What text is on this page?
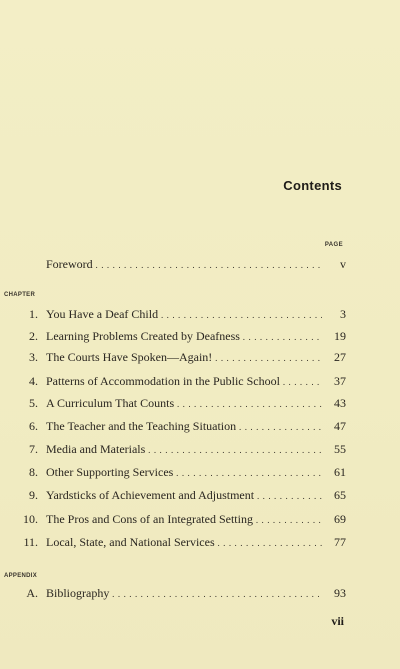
Contents
PAGE
Foreword . . .	v
CHAPTER
1. You Have a Deaf Child . . .	3
2. Learning Problems Created by Deafness . . .	19
3. The Courts Have Spoken—Again! . . .	27
4. Patterns of Accommodation in the Public School . . .	37
5. A Curriculum That Counts . . .	43
6. The Teacher and the Teaching Situation . . .	47
7. Media and Materials . . .	55
8. Other Supporting Services . . .	61
9. Yardsticks of Achievement and Adjustment . . .	65
10. The Pros and Cons of an Integrated Setting . . .	69
11. Local, State, and National Services . . .	77
APPENDIX
A. Bibliography . . .	93
vii
